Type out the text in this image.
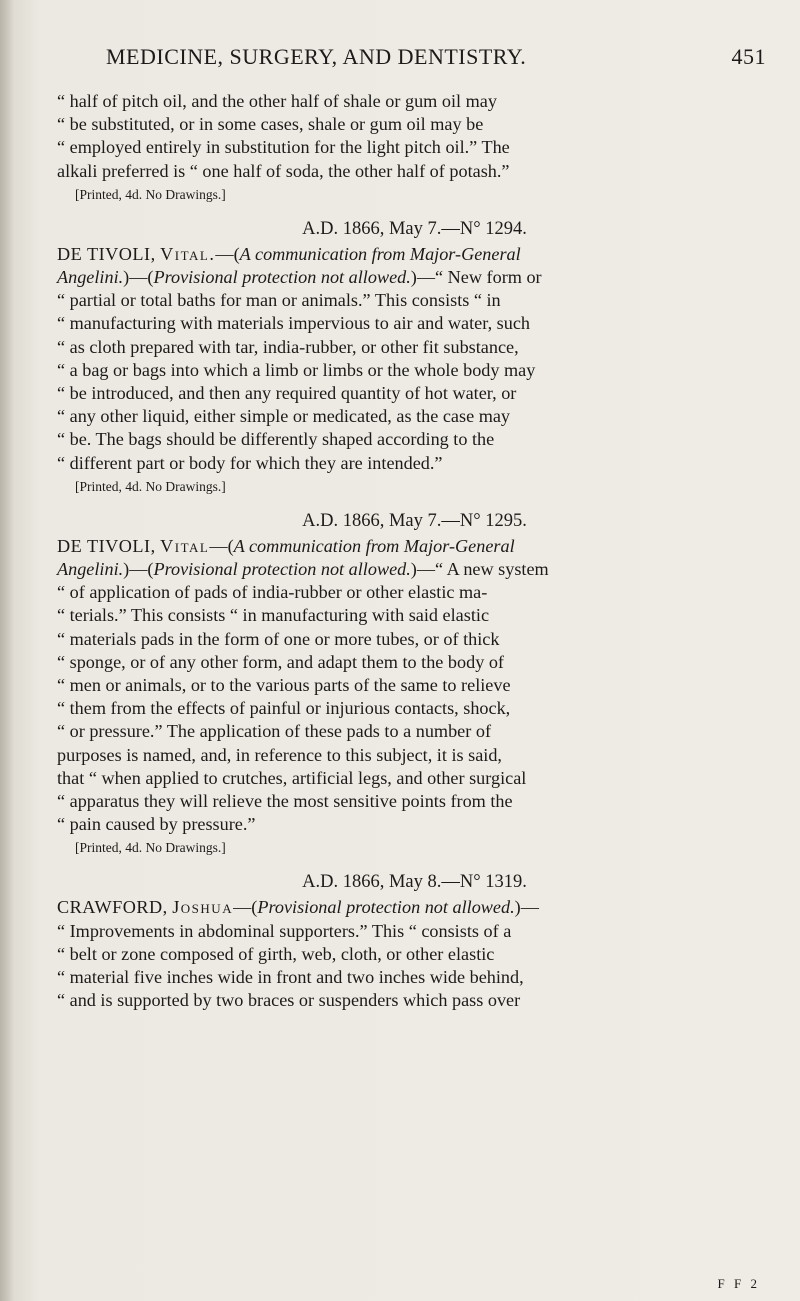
MEDICINE, SURGERY, AND DENTISTRY.	451
“ half of pitch oil, and the other half of shale or gum oil may
“ be substituted, or in some cases, shale or gum oil may be
“ employed entirely in substitution for the light pitch oil.” The
alkali preferred is “ one half of soda, the other half of potash.”
[Printed, 4d. No Drawings.]
A.D. 1866, May 7.—N° 1294.
DE TIVOLI, Vital.—(A communication from Major-General
Angelini.)—(Provisional protection not allowed.)—“ New form or
“ partial or total baths for man or animals.” This consists “ in
“ manufacturing with materials impervious to air and water, such
“ as cloth prepared with tar, india-rubber, or other fit substance,
“ a bag or bags into which a limb or limbs or the whole body may
“ be introduced, and then any required quantity of hot water, or
“ any other liquid, either simple or medicated, as the case may
“ be. The bags should be differently shaped according to the
“ different part or body for which they are intended.”
[Printed, 4d. No Drawings.]
A.D. 1866, May 7.—N° 1295.
DE TIVOLI, Vital—(A communication from Major-General
Angelini.)—(Provisional protection not allowed.)—“ A new system
“ of application of pads of india-rubber or other elastic ma-
“ terials.” This consists “ in manufacturing with said elastic
“ materials pads in the form of one or more tubes, or of thick
“ sponge, or of any other form, and adapt them to the body of
“ men or animals, or to the various parts of the same to relieve
“ them from the effects of painful or injurious contacts, shock,
“ or pressure.” The application of these pads to a number of
purposes is named, and, in reference to this subject, it is said,
that “ when applied to crutches, artificial legs, and other surgical
“ apparatus they will relieve the most sensitive points from the
“ pain caused by pressure.”
[Printed, 4d. No Drawings.]
A.D. 1866, May 8.—N° 1319.
CRAWFORD, Joshua—(Provisional protection not allowed.)—
“ Improvements in abdominal supporters.” This “ consists of a
“ belt or zone composed of girth, web, cloth, or other elastic
“ material five inches wide in front and two inches wide behind,
“ and is supported by two braces or suspenders which pass over
F F 2
